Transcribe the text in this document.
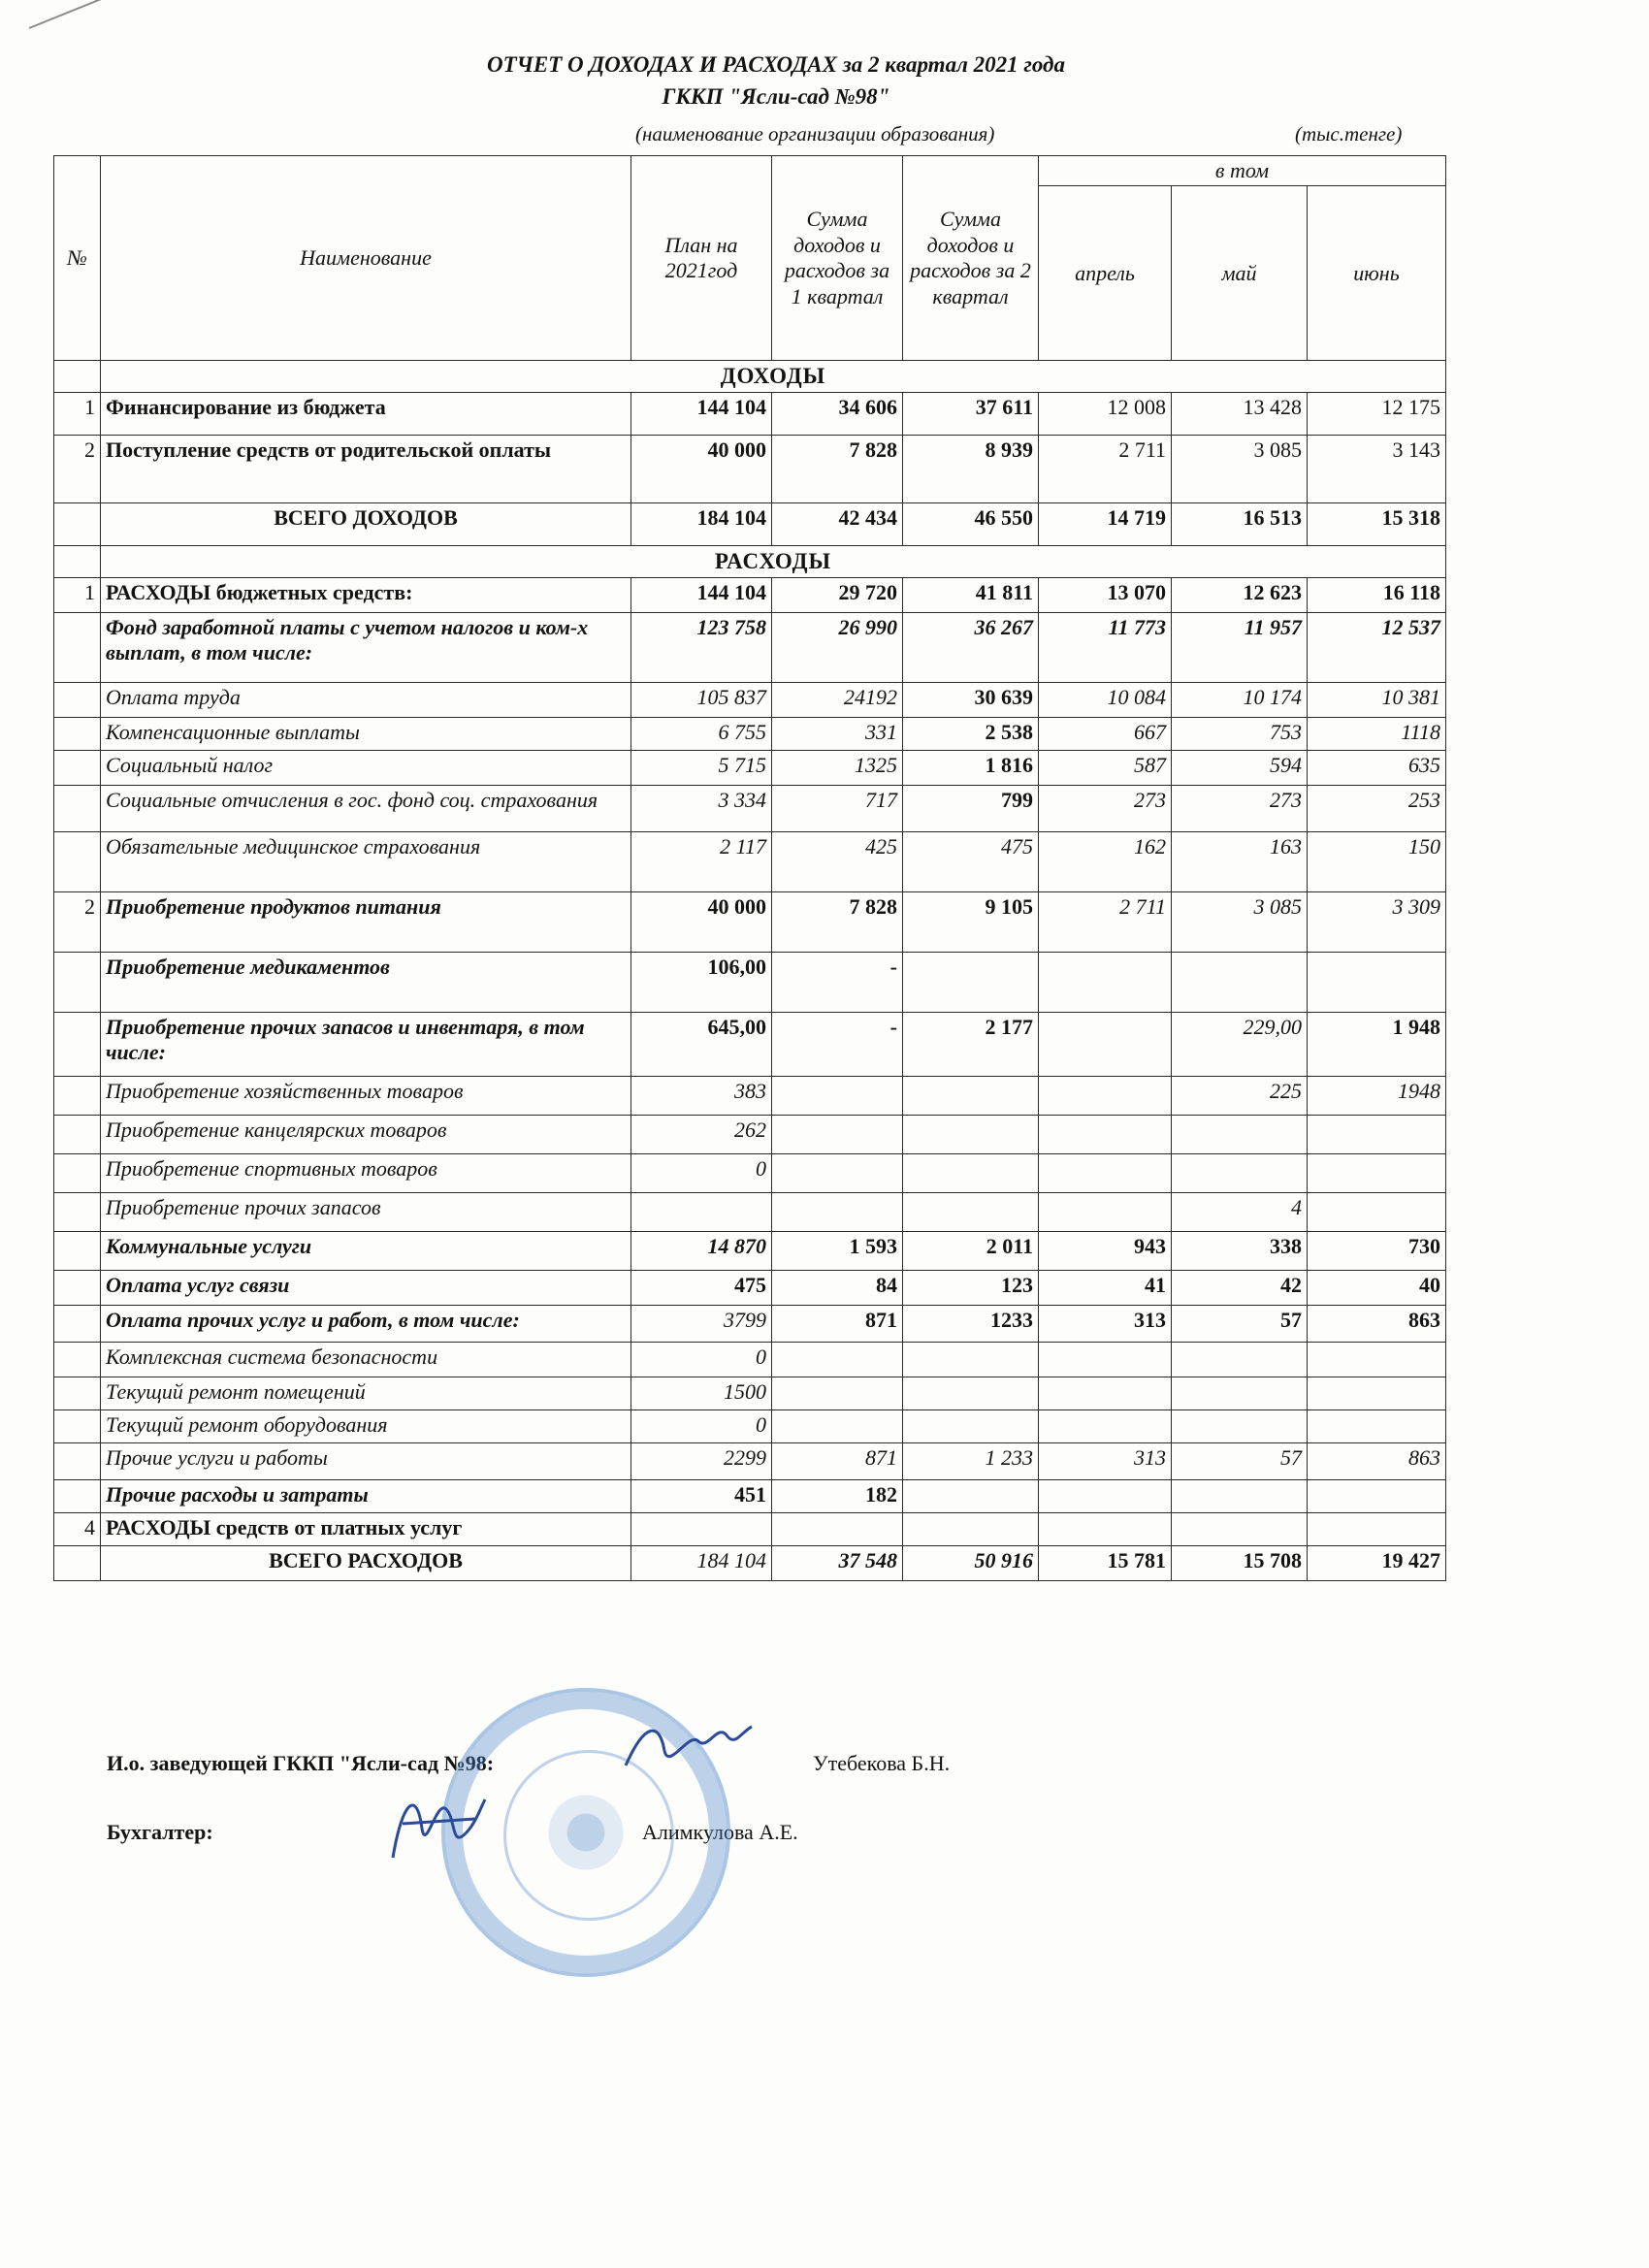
ОТЧЕТ О ДОХОДАХ И РАСХОДАХ за 2 квартал 2021 года
ГККП "Ясли-сад №98"
(наименование организации образования)	(тыс.тенге)
№	Наименование	План на 2021год	Сумма доходов и расходов за 1 квартал	Сумма доходов и расходов за 2 квартал	в том		
					апрель	май	июнь
	ДОХОДЫ						
1	Финансирование из бюджета	144 104	34 606	37 611	12 008	13 428	12 175
2	Поступление средств от родительской оплаты	40 000	7 828	8 939	2 711	3 085	3 143
	ВСЕГО ДОХОДОВ	184 104	42 434	46 550	14 719	16 513	15 318
	РАСХОДЫ						
1	РАСХОДЫ бюджетных средств:	144 104	29 720	41 811	13 070	12 623	16 118
	Фонд заработной платы с учетом налогов и ком-х выплат, в том числе:	123 758	26 990	36 267	11 773	11 957	12 537
	Оплата труда	105 837	24192	30 639	10 084	10 174	10 381
	Компенсационные выплаты	6 755	331	2 538	667	753	1118
	Социальный налог	5 715	1325	1 816	587	594	635
	Социальные отчисления в гос. фонд соц. страхования	3 334	717	799	273	273	253
	Обязательные медицинское страхования	2 117	425	475	162	163	150
2	Приобретение продуктов питания	40 000	7 828	9 105	2 711	3 085	3 309
	Приобретение медикаментов	106,00	-				
	Приобретение прочих запасов и инвентаря, в том числе:	645,00	-	2 177		229,00	1 948
	Приобретение хозяйственных товаров	383				225	1948
	Приобретение канцелярских товаров	262					
	Приобретение спортивных товаров	0					
	Приобретение прочих запасов					4	
	Коммунальные услуги	14 870	1 593	2 011	943	338	730
	Оплата услуг связи	475	84	123	41	42	40
	Оплата прочих услуг и работ, в том числе:	3799	871	1233	313	57	863
	Комплексная система безопасности	0					
	Текущий ремонт помещений	1500					
	Текущий ремонт оборудования	0					
	Прочие услуги и работы	2299	871	1 233	313	57	863
	Прочие расходы и затраты	451	182				
4	РАСХОДЫ средств от платных услуг						
	ВСЕГО РАСХОДОВ	184 104	37 548	50 916	15 781	15 708	19 427
И.о. заведующей ГККП "Ясли-сад №98:	Утебекова Б.Н.
Бухгалтер:	Алимкулова А.Е.
